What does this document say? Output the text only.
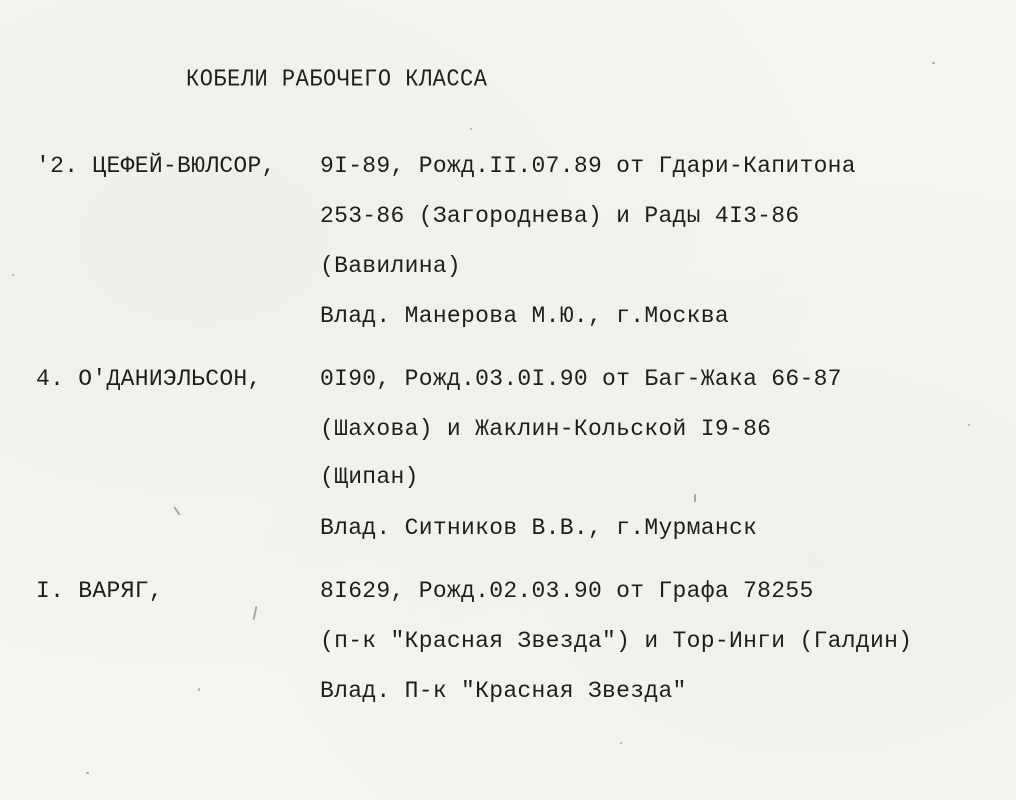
КОБЕЛИ РАБОЧЕГО КЛАССА
'2. ЦЕФЕЙ-ВЮЛСОР, 9I-89, Рожд.II.07.89 от Гдари-Капитона
253-86 (Загороднева) и Рады 4I3-86
(Вавилина)
Влад. Манерова М.Ю., г.Москва
4. О'ДАНИЭЛЬСОН,	0I90, Рожд.03.0I.90 от Баг-Жака 66-87
(Шахова) и Жаклин-Кольской I9-86
(Щипан)
Влад. Ситников В.В., г.Мурманск
I. ВАРЯГ,	8I629, Рожд.02.03.90 от Графа 78255
(п-к "Красная Звезда") и Тор-Инги (Галдин)
Влад. П-к "Красная Звезда"
